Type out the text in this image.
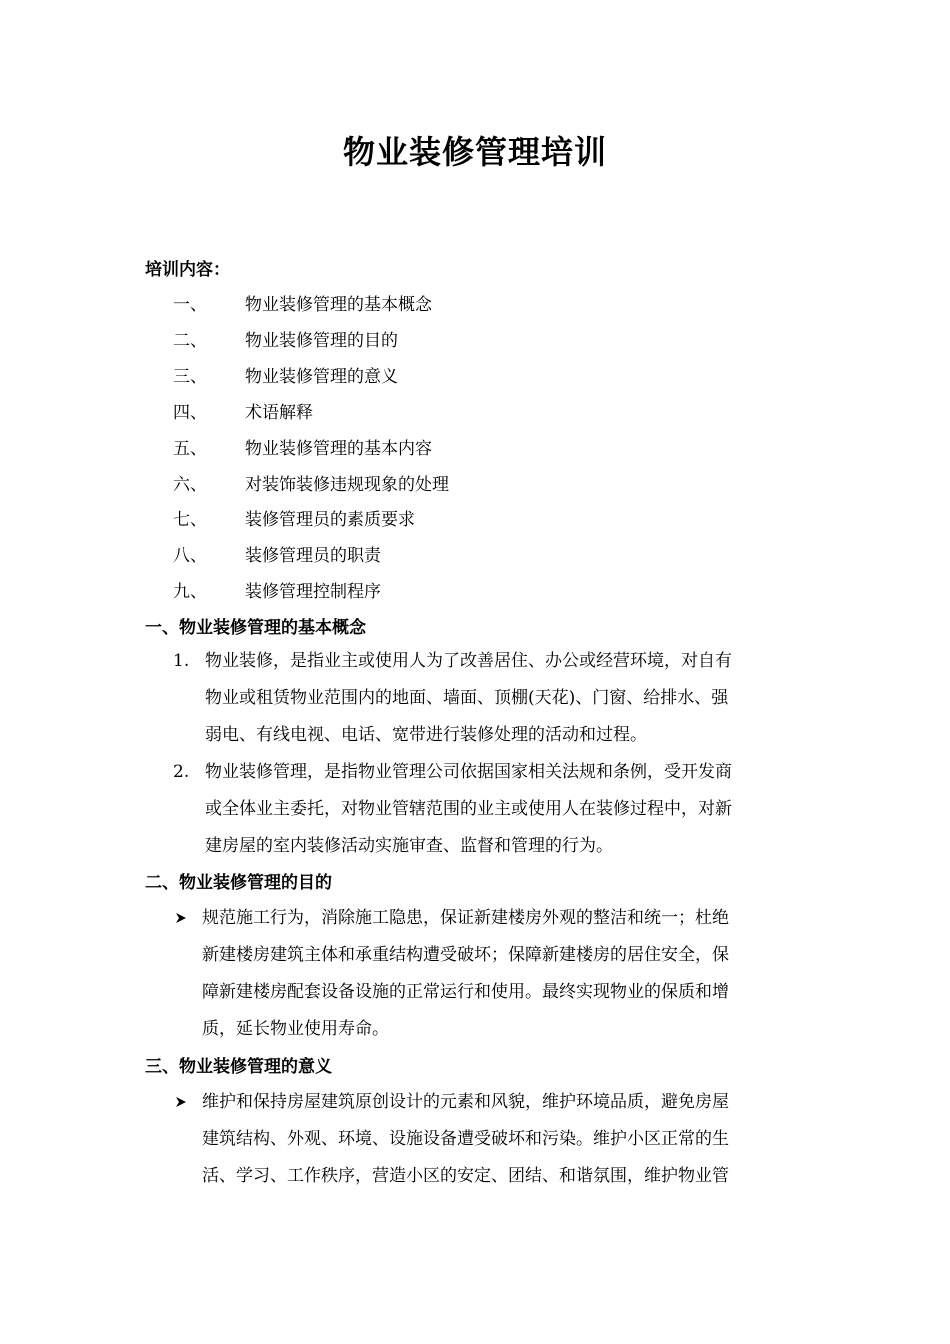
物业装修管理培训
培训内容：
一、 物业装修管理的基本概念
二、 物业装修管理的目的
三、 物业装修管理的意义
四、 术语解释
五、 物业装修管理的基本内容
六、 对装饰装修违规现象的处理
七、 装修管理员的素质要求
八、 装修管理员的职责
九、 装修管理控制程序
一、物业装修管理的基本概念
1. 物业装修，是指业主或使用人为了改善居住、办公或经营环境，对自有
物业或租赁物业范围内的地面、墙面、顶棚(天花)、门窗、给排水、强
弱电、有线电视、电话、宽带进行装修处理的活动和过程。
2. 物业装修管理，是指物业管理公司依据国家相关法规和条例，受开发商
或全体业主委托，对物业管辖范围的业主或使用人在装修过程中，对新
建房屋的室内装修活动实施审查、监督和管理的行为。
二、物业装修管理的目的
规范施工行为，消除施工隐患，保证新建楼房外观的整洁和统一；杜绝
新建楼房建筑主体和承重结构遭受破坏；保障新建楼房的居住安全，保
障新建楼房配套设备设施的正常运行和使用。最终实现物业的保质和增
质，延长物业使用寿命。
三、物业装修管理的意义
维护和保持房屋建筑原创设计的元素和风貌，维护环境品质，避免房屋
建筑结构、外观、环境、设施设备遭受破坏和污染。维护小区正常的生
活、学习、工作秩序，营造小区的安定、团结、和谐氛围，维护物业管
